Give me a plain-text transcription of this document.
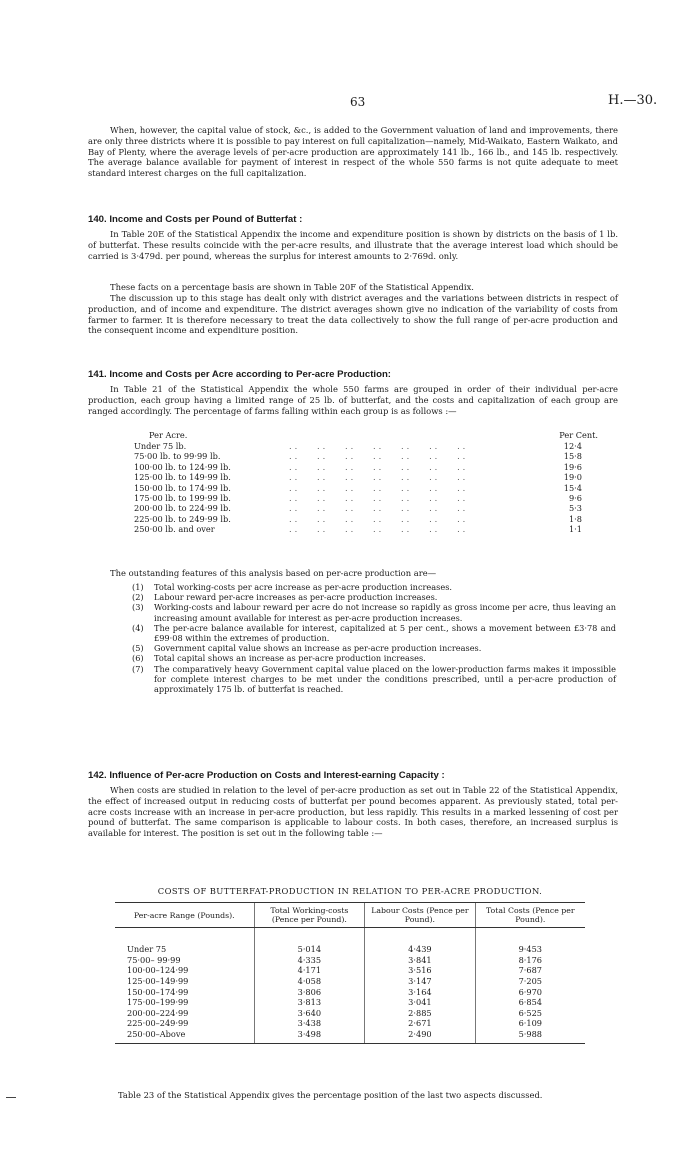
63	H.—30.

When, however, the capital value of stock, &c., is added to the Government valuation of land and improvements, there are only three districts where it is possible to pay interest on full capitalization—namely, Mid-Waikato, Eastern Waikato, and Bay of Plenty, where the average levels of per-acre production are approximately 141 lb., 166 lb., and 145 lb. respectively. The average balance available for payment of interest in respect of the whole 550 farms is not quite adequate to meet standard interest charges on the full capitalization.

140. Income and Costs per Pound of Butterfat :

In Table 20E of the Statistical Appendix the income and expenditure position is shown by districts on the basis of 1 lb. of butterfat. These results coincide with the per-acre results, and illustrate that the average interest load which should be carried is 3·479d. per pound, whereas the surplus for interest amounts to 2·769d. only.

These facts on a percentage basis are shown in Table 20F of the Statistical Appendix.

The discussion up to this stage has dealt only with district averages and the variations between districts in respect of production, and of income and expenditure. The district averages shown give no indication of the variability of costs from farmer to farmer. It is therefore necessary to treat the data collectively to show the full range of per-acre production and the consequent income and expenditure position.

141. Income and Costs per Acre according to Per-acre Production:

In Table 21 of the Statistical Appendix the whole 550 farms are grouped in order of their individual per-acre production, each group having a limited range of 25 lb. of butterfat, and the costs and capitalization of each group are ranged accordingly. The percentage of farms falling within each group is as follows :—

Per Acre.	Per Cent.
Under 75 lb.	..   ..   ..   ..   ..   ..   ..	12·4
75·00 lb. to 99·99 lb.	..   ..   ..   ..   ..   ..   ..	15·8
100·00 lb. to 124·99 lb.	..   ..   ..   ..   ..   ..   ..	19·6
125·00 lb. to 149·99 lb.	..   ..   ..   ..   ..   ..   ..	19·0
150·00 lb. to 174·99 lb.	..   ..   ..   ..   ..   ..   ..	15·4
175·00 lb. to 199·99 lb.	..   ..   ..   ..   ..   ..   ..	9·6
200·00 lb. to 224·99 lb.	..   ..   ..   ..   ..   ..   ..	5·3
225·00 lb. to 249·99 lb.	..   ..   ..   ..   ..   ..   ..	1·8
250·00 lb. and over	..   ..   ..   ..   ..   ..   ..	1·1

The outstanding features of this analysis based on per-acre production are—

(1) Total working-costs per acre increase as per-acre production increases.

(2) Labour reward per-acre increases as per-acre production increases.

(3) Working-costs and labour reward per acre do not increase so rapidly as gross income per acre, thus leaving an increasing amount available for interest as per-acre production increases.

(4) The per-acre balance available for interest, capitalized at 5 per cent., shows a movement between £3·78 and £99·08 within the extremes of production.

(5) Government capital value shows an increase as per-acre production increases.

(6) Total capital shows an increase as per-acre production increases.

(7) The comparatively heavy Government capital value placed on the lower-production farms makes it impossible for complete interest charges to be met under the conditions prescribed, until a per-acre production of approximately 175 lb. of butterfat is reached.

142. Influence of Per-acre Production on Costs and Interest-earning Capacity :

When costs are studied in relation to the level of per-acre production as set out in Table 22 of the Statistical Appendix, the effect of increased output in reducing costs of butterfat per pound becomes apparent. As previously stated, total per-acre costs increase with an increase in per-acre production, but less rapidly. This results in a marked lessening of cost per pound of butterfat. The same comparison is applicable to labour costs. In both cases, therefore, an increased surplus is available for interest. The position is set out in the following table :—

COSTS OF BUTTERFAT-PRODUCTION IN RELATION TO PER-ACRE PRODUCTION.
Per-acre Range (Pounds).	Total Working-costs (Pence per Pound).	Labour Costs (Pence per Pound).	Total Costs (Pence per Pound).

Under 75	5·014	4·439	9·453
75·00– 99·99	4·335	3·841	8·176
100·00–124·99	4·171	3·516	7·687
125·00–149·99	4·058	3·147	7·205
150·00–174·99	3·806	3·164	6·970
175·00–199·99	3·813	3·041	6·854
200·00–224·99	3·640	2·885	6·525
225·00–249·99	3·438	2·671	6·109
250·00–Above	3·498	2·490	5·988
Table 23 of the Statistical Appendix gives the percentage position of the last two aspects discussed.
